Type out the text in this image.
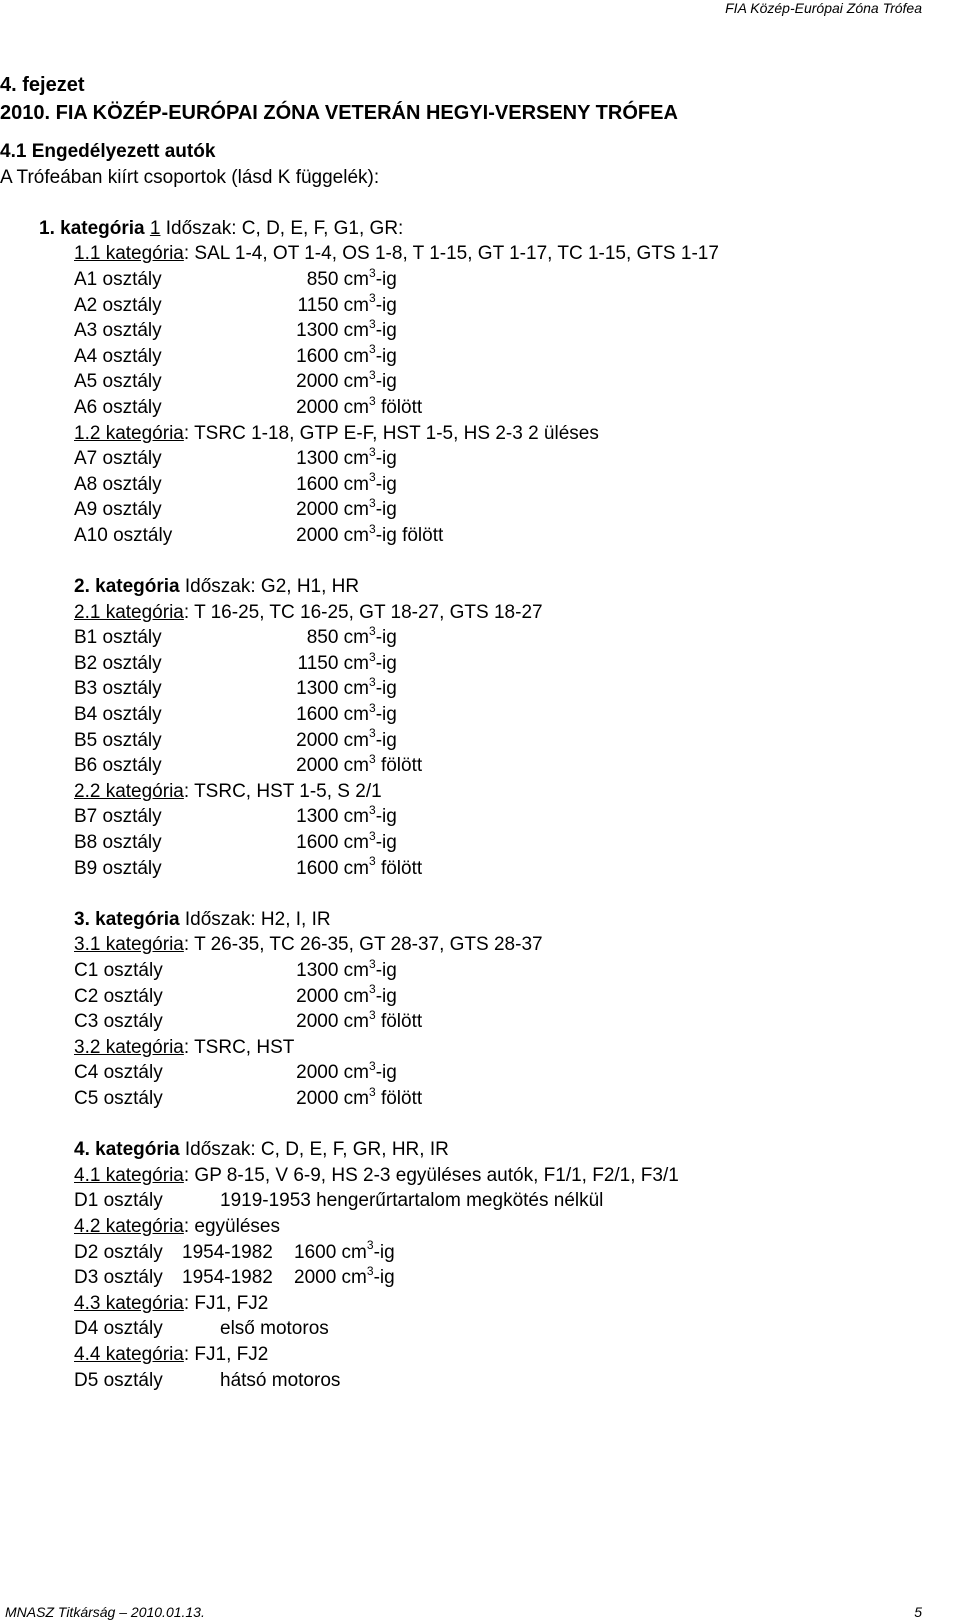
FIA Közép-Európai Zóna Trófea
4. fejezet
2010. FIA KÖZÉP-EURÓPAI ZÓNA VETERÁN HEGYI-VERSENY TRÓFEA
4.1 Engedélyezett autók
A Trófeában kiírt csoportok (lásd K függelék):
1. kategória 1 Időszak: C, D, E, F, G1, GR:
1.1 kategória: SAL 1-4, OT 1-4, OS 1-8, T 1-15, GT 1-17, TC 1-15, GTS 1-17
A1 osztály	850 $cm^3-ig$
A2 osztály	1150 $cm^3-ig$
A3 osztály	1300 $cm^3-ig$
A4 osztály	1600 $cm^3-ig$
A5 osztály	2000 $cm^3-ig$
A6 osztály	2000 $cm^3$ fölött
1.2 kategória: TSRC 1-18, GTP E-F, HST 1-5, HS 2-3 2 üléses
A7 osztály	1300 $cm^3-ig$
A8 osztály	1600 $cm^3-ig$
A9 osztály	2000 $cm^3-ig$
A10 osztály	2000 $cm^3-ig$ fölött
2. kategória Időszak: G2, H1, HR
2.1 kategória: T 16-25, TC 16-25, GT 18-27, GTS 18-27
B1 osztály	850 $cm^3-ig$
B2 osztály	1150 $cm^3-ig$
B3 osztály	1300 $cm^3-ig$
B4 osztály	1600 $cm^3-ig$
B5 osztály	2000 $cm^3-ig$
B6 osztály	2000 $cm^3$ fölött
2.2 kategória: TSRC, HST 1-5, S 2/1
B7 osztály	1300 $cm^3-ig$
B8 osztály	1600 $cm^3-ig$
B9 osztály	1600 $cm^3$ fölött
3. kategória Időszak: H2, I, IR
3.1 kategória: T 26-35, TC 26-35, GT 28-37, GTS 28-37
C1 osztály	1300 $cm^3-ig$
C2 osztály	2000 $cm^3-ig$
C3 osztály	2000 $cm^3$ fölött
3.2 kategória: TSRC, HST
C4 osztály	2000 $cm^3-ig$
C5 osztály	2000 $cm^3$ fölött
4. kategória Időszak: C, D, E, F, GR, HR, IR
4.1 kategória: GP 8-15, V 6-9, HS 2-3 együléses autók, F1/1, F2/1, F3/1
D1 osztály	1919-1953 hengerűrtartalom megkötés nélkül
4.2 kategória: együléses
D2 osztály 1954-1982 1600 $cm^3-ig$
D3 osztály 1954-1982 2000 $cm^3-ig$
4.3 kategória: FJ1, FJ2
D4 osztály	első motoros
4.4 kategória: FJ1, FJ2
D5 osztály	hátsó motoros
MNASZ Titkárság – 2010.01.13.	5
